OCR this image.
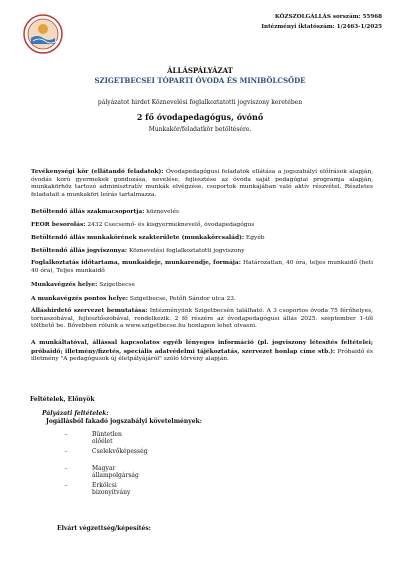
KÖZSZOLGÁLLÁS sorszám: 55968
Intézményi iktatószám: 1/2463-1/2025
ÁLLÁSPÁLYÁZAT
SZIGETBECSEI TÓPARTI ÓVODA ÉS MINIBÖLCSŐDE
pályázatot hirdet Köznevelési foglalkoztatotti jogviszony keretében
2 fő óvodapedagógus, óvónő
Munkakör/feladatkör betöltésére.
Tevékenységi kör (ellátandó feladatok): Óvodapedagógusi feladatok ellátása a jogszabályi előírások alapján, óvodás korú gyermekek gondozása, nevelése, fejlesztése az óvoda saját pedagógiai programja alapján, munkakörhöz tartozó adminisztratív munkák elvégzése, csoportok munkájában való aktív részvétel. Részletes feladatait a munkaköri leírás tartalmazza.
Betöltendő állás szakmacsoportja: köznevelés
FEOR besorolás: 2432 Csecsemő- és kisgyermeknevelő, óvodapedagógus
Betöltendő állás munkakörének szakterülete (munkakörcsalád): Egyéb
Betöltendő állás jogviszonya: Köznevelési foglalkoztatotti jogviszony
Foglalkoztatás időtartama, munkaideje, munkarendje, formája: Határozatlan, 40 óra, teljes munkaidő (heti 40 óra), Teljes munkaidő
Munkavégzés helye: Szigetbecse
A munkavégzés pontos helye: Szigetbecse, Petőfi Sándor utca 23.
Álláshirdető szervezet bemutatása: Intézményünk Szigetbecsén található. A 3 csoportos óvoda 75 férőhelyes, tornaszobával, fejlesztőszobával, rendelkezik. 2 fő részére az óvodapedagógusi állás 2025. szeptember 1-től tölthető be. Bővebben rólunk a www.szigetbecse.hu honlapon lehet olvasni.
A munkáltatóval, állással kapcsolatos egyéb lényeges információ (pl. jogviszony létesítés feltételei; próbaidő; illetmény/fizetés, speciális adatvédelmi tájékoztatás, szervezet honlap címe stb.): Próbaidő és illetmény "A pedagógusok új életpályájáról" szóló törvény alapján.
Feltételek, Előnyök
Pályázati feltételek:
Jogállásból fakadó jogszabályi követelmények:
-	Büntetlen előélet
-	Cselekvőképesség
-	Magyar állampolgárság
-	Erkölcsi bizonyítvány
Elvárt végzettség/képesítés:
